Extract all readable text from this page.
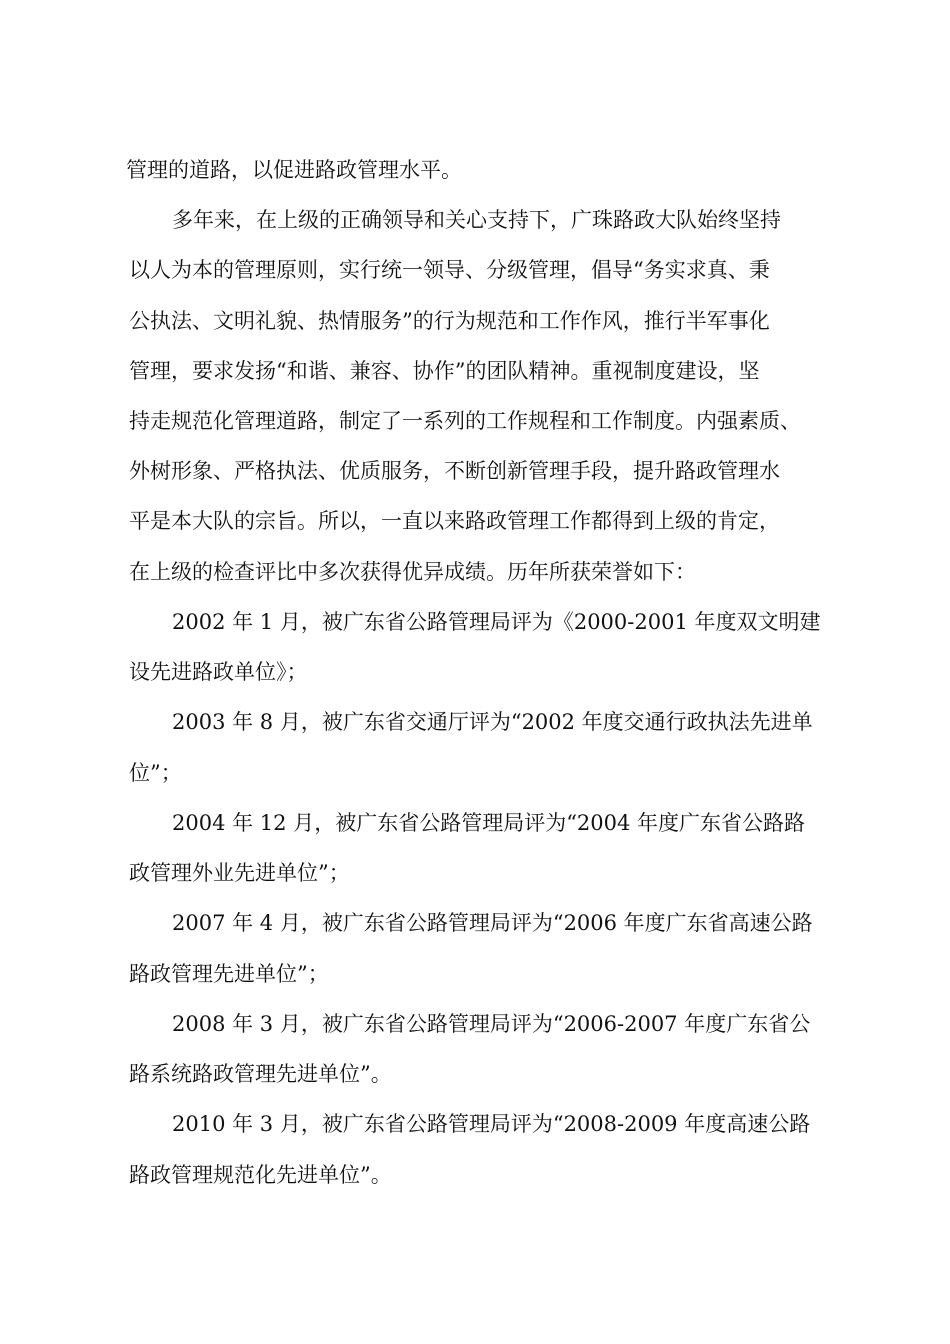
管理的道路，以促进路政管理水平。
多年来，在上级的正确领导和关心支持下，广珠路政大队始终坚持
以人为本的管理原则，实行统一领导、分级管理，倡导“务实求真、秉
公执法、文明礼貌、热情服务”的行为规范和工作作风，推行半军事化
管理，要求发扬“和谐、兼容、协作”的团队精神。重视制度建设，坚
持走规范化管理道路，制定了一系列的工作规程和工作制度。内强素质、
外树形象、严格执法、优质服务，不断创新管理手段，提升路政管理水
平是本大队的宗旨。所以，一直以来路政管理工作都得到上级的肯定，
在上级的检查评比中多次获得优异成绩。历年所获荣誉如下：
2002 年 1 月，被广东省公路管理局评为《2000-2001 年度双文明建
设先进路政单位》；
2003 年 8 月，被广东省交通厅评为“2002 年度交通行政执法先进单
位”；
2004 年 12 月，被广东省公路管理局评为“2004 年度广东省公路路
政管理外业先进单位”；
2007 年 4 月，被广东省公路管理局评为“2006 年度广东省高速公路
路政管理先进单位”；
2008 年 3 月，被广东省公路管理局评为“2006-2007 年度广东省公
路系统路政管理先进单位”。
2010 年 3 月，被广东省公路管理局评为“2008-2009 年度高速公路
路政管理规范化先进单位”。
